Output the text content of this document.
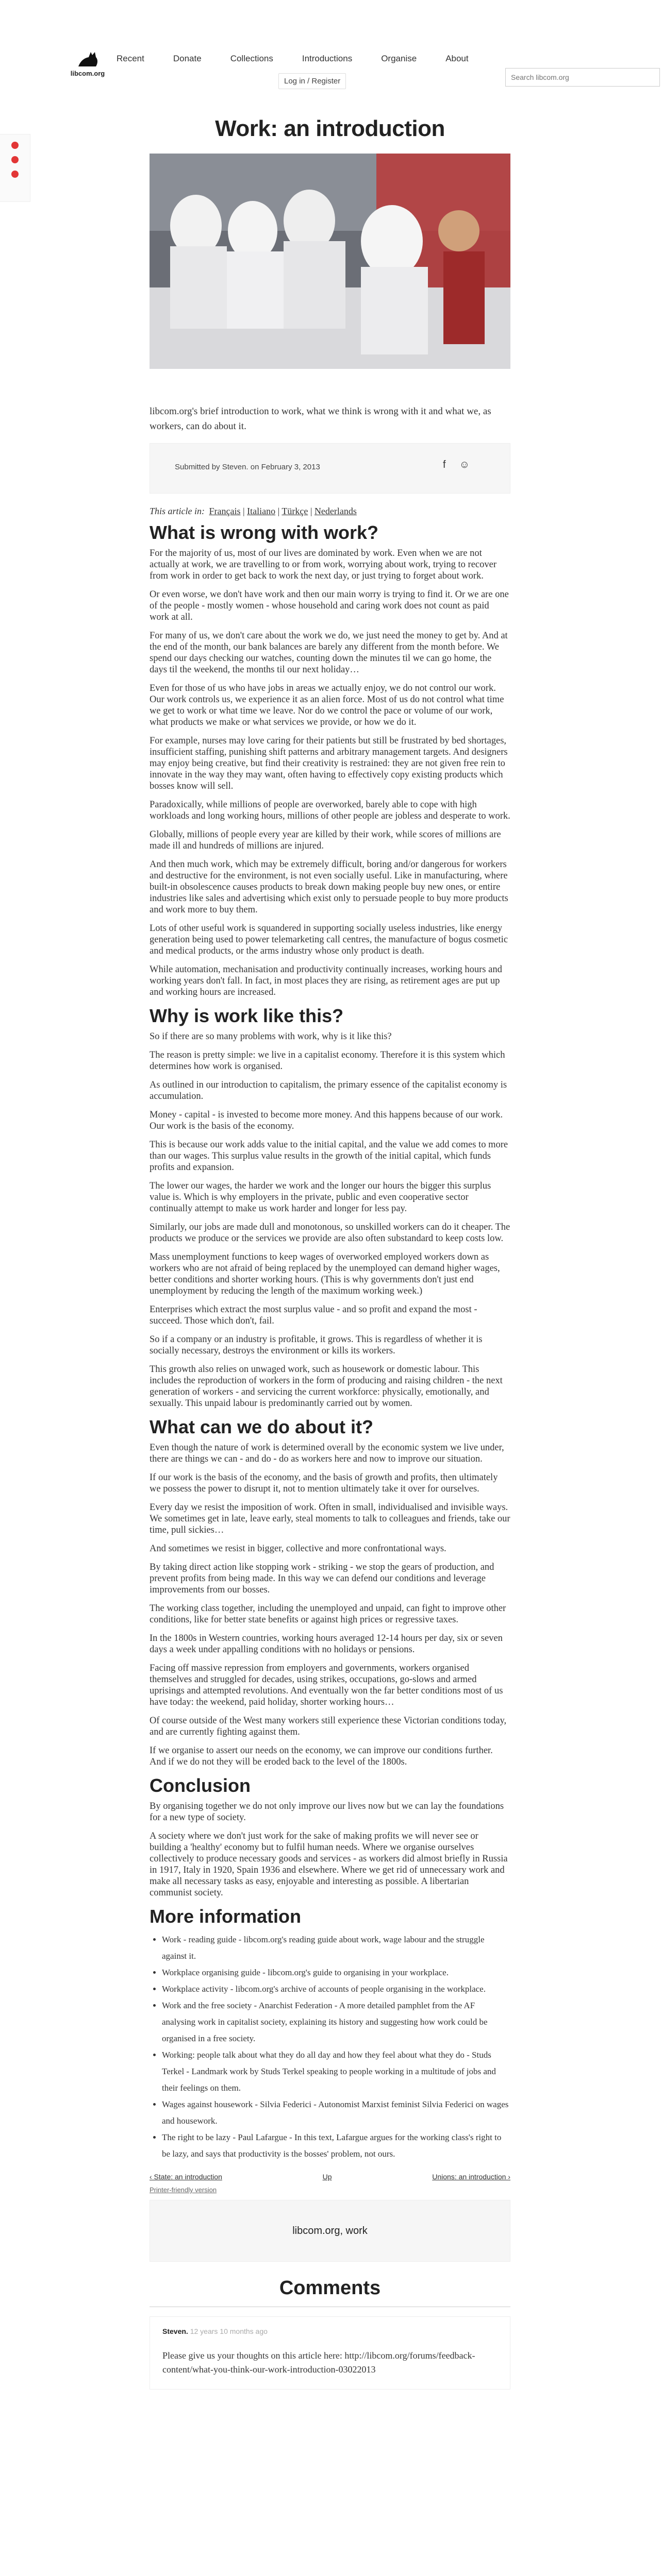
libcom.org
Recent	Donate	Collections	Introductions	Organise	About
Log in / Register
Search libcom.org
Work: an introduction

libcom.org's brief introduction to work, what we think is wrong with it and what we, as workers, can do about it.

Submitted by Steven. on February 3, 2013	f ☺
This article in: Français | Italiano | Türkçe | Nederlands
What is wrong with work?

For the majority of us, most of our lives are dominated by work. Even when we are not actually at work, we are travelling to or from work, worrying about work, trying to recover from work in order to get back to work the next day, or just trying to forget about work.

Or even worse, we don't have work and then our main worry is trying to find it. Or we are one of the people - mostly women - whose household and caring work does not count as paid work at all.

For many of us, we don't care about the work we do, we just need the money to get by. And at the end of the month, our bank balances are barely any different from the month before. We spend our days checking our watches, counting down the minutes til we can go home, the days til the weekend, the months til our next holiday…

Even for those of us who have jobs in areas we actually enjoy, we do not control our work. Our work controls us, we experience it as an alien force. Most of us do not control what time we get to work or what time we leave. Nor do we control the pace or volume of our work, what products we make or what services we provide, or how we do it.

For example, nurses may love caring for their patients but still be frustrated by bed shortages, insufficient staffing, punishing shift patterns and arbitrary management targets. And designers may enjoy being creative, but find their creativity is restrained: they are not given free rein to innovate in the way they may want, often having to effectively copy existing products which bosses know will sell.

Paradoxically, while millions of people are overworked, barely able to cope with high workloads and long working hours, millions of other people are jobless and desperate to work.

Globally, millions of people every year are killed by their work, while scores of millions are made ill and hundreds of millions are injured.

And then much work, which may be extremely difficult, boring and/or dangerous for workers and destructive for the environment, is not even socially useful. Like in manufacturing, where built-in obsolescence causes products to break down making people buy new ones, or entire industries like sales and advertising which exist only to persuade people to buy more products and work more to buy them.

Lots of other useful work is squandered in supporting socially useless industries, like energy generation being used to power telemarketing call centres, the manufacture of bogus cosmetic and medical products, or the arms industry whose only product is death.

While automation, mechanisation and productivity continually increases, working hours and working years don't fall. In fact, in most places they are rising, as retirement ages are put up and working hours are increased.

Why is work like this?

So if there are so many problems with work, why is it like this?

The reason is pretty simple: we live in a capitalist economy. Therefore it is this system which determines how work is organised.

As outlined in our introduction to capitalism, the primary essence of the capitalist economy is accumulation.

Money - capital - is invested to become more money. And this happens because of our work. Our work is the basis of the economy.

This is because our work adds value to the initial capital, and the value we add comes to more than our wages. This surplus value results in the growth of the initial capital, which funds profits and expansion.

The lower our wages, the harder we work and the longer our hours the bigger this surplus value is. Which is why employers in the private, public and even cooperative sector continually attempt to make us work harder and longer for less pay.

Similarly, our jobs are made dull and monotonous, so unskilled workers can do it cheaper. The products we produce or the services we provide are also often substandard to keep costs low.

Mass unemployment functions to keep wages of overworked employed workers down as workers who are not afraid of being replaced by the unemployed can demand higher wages, better conditions and shorter working hours. (This is why governments don't just end unemployment by reducing the length of the maximum working week.)

Enterprises which extract the most surplus value - and so profit and expand the most - succeed. Those which don't, fail.

So if a company or an industry is profitable, it grows. This is regardless of whether it is socially necessary, destroys the environment or kills its workers.

This growth also relies on unwaged work, such as housework or domestic labour. This includes the reproduction of workers in the form of producing and raising children - the next generation of workers - and servicing the current workforce: physically, emotionally, and sexually. This unpaid labour is predominantly carried out by women.

What can we do about it?

Even though the nature of work is determined overall by the economic system we live under, there are things we can - and do - do as workers here and now to improve our situation.

If our work is the basis of the economy, and the basis of growth and profits, then ultimately we possess the power to disrupt it, not to mention ultimately take it over for ourselves.

Every day we resist the imposition of work. Often in small, individualised and invisible ways. We sometimes get in late, leave early, steal moments to talk to colleagues and friends, take our time, pull sickies…

And sometimes we resist in bigger, collective and more confrontational ways.

By taking direct action like stopping work - striking - we stop the gears of production, and prevent profits from being made. In this way we can defend our conditions and leverage improvements from our bosses.

The working class together, including the unemployed and unpaid, can fight to improve other conditions, like for better state benefits or against high prices or regressive taxes.

In the 1800s in Western countries, working hours averaged 12-14 hours per day, six or seven days a week under appalling conditions with no holidays or pensions.

Facing off massive repression from employers and governments, workers organised themselves and struggled for decades, using strikes, occupations, go-slows and armed uprisings and attempted revolutions. And eventually won the far better conditions most of us have today: the weekend, paid holiday, shorter working hours…

Of course outside of the West many workers still experience these Victorian conditions today, and are currently fighting against them.

If we organise to assert our needs on the economy, we can improve our conditions further. And if we do not they will be eroded back to the level of the 1800s.

Conclusion

By organising together we do not only improve our lives now but we can lay the foundations for a new type of society.

A society where we don't just work for the sake of making profits we will never see or building a 'healthy' economy but to fulfil human needs. Where we organise ourselves collectively to produce necessary goods and services - as workers did almost briefly in Russia in 1917, Italy in 1920, Spain 1936 and elsewhere. Where we get rid of unnecessary work and make all necessary tasks as easy, enjoyable and interesting as possible. A libertarian communist society.

More information
• Work - reading guide - libcom.org's reading guide about work, wage labour and the struggle against it.
• Workplace organising guide - libcom.org's guide to organising in your workplace.
• Workplace activity - libcom.org's archive of accounts of people organising in the workplace.
• Work and the free society - Anarchist Federation - A more detailed pamphlet from the AF analysing work in capitalist society, explaining its history and suggesting how work could be organised in a free society.
• Working: people talk about what they do all day and how they feel about what they do - Studs Terkel - Landmark work by Studs Terkel speaking to people working in a multitude of jobs and their feelings on them.
• Wages against housework - Silvia Federici - Autonomist Marxist feminist Silvia Federici on wages and housework.
• The right to be lazy - Paul Lafargue - In this text, Lafargue argues for the working class's right to be lazy, and says that productivity is the bosses' problem, not ours.
‹ State: an introduction	Up	Unions: an introduction ›
Printer-friendly version
libcom.org, work
Comments
Steven. 12 years 10 months ago

Please give us your thoughts on this article here: http://libcom.org/forums/feedback-content/what-you-think-our-work-introduction-03022013
